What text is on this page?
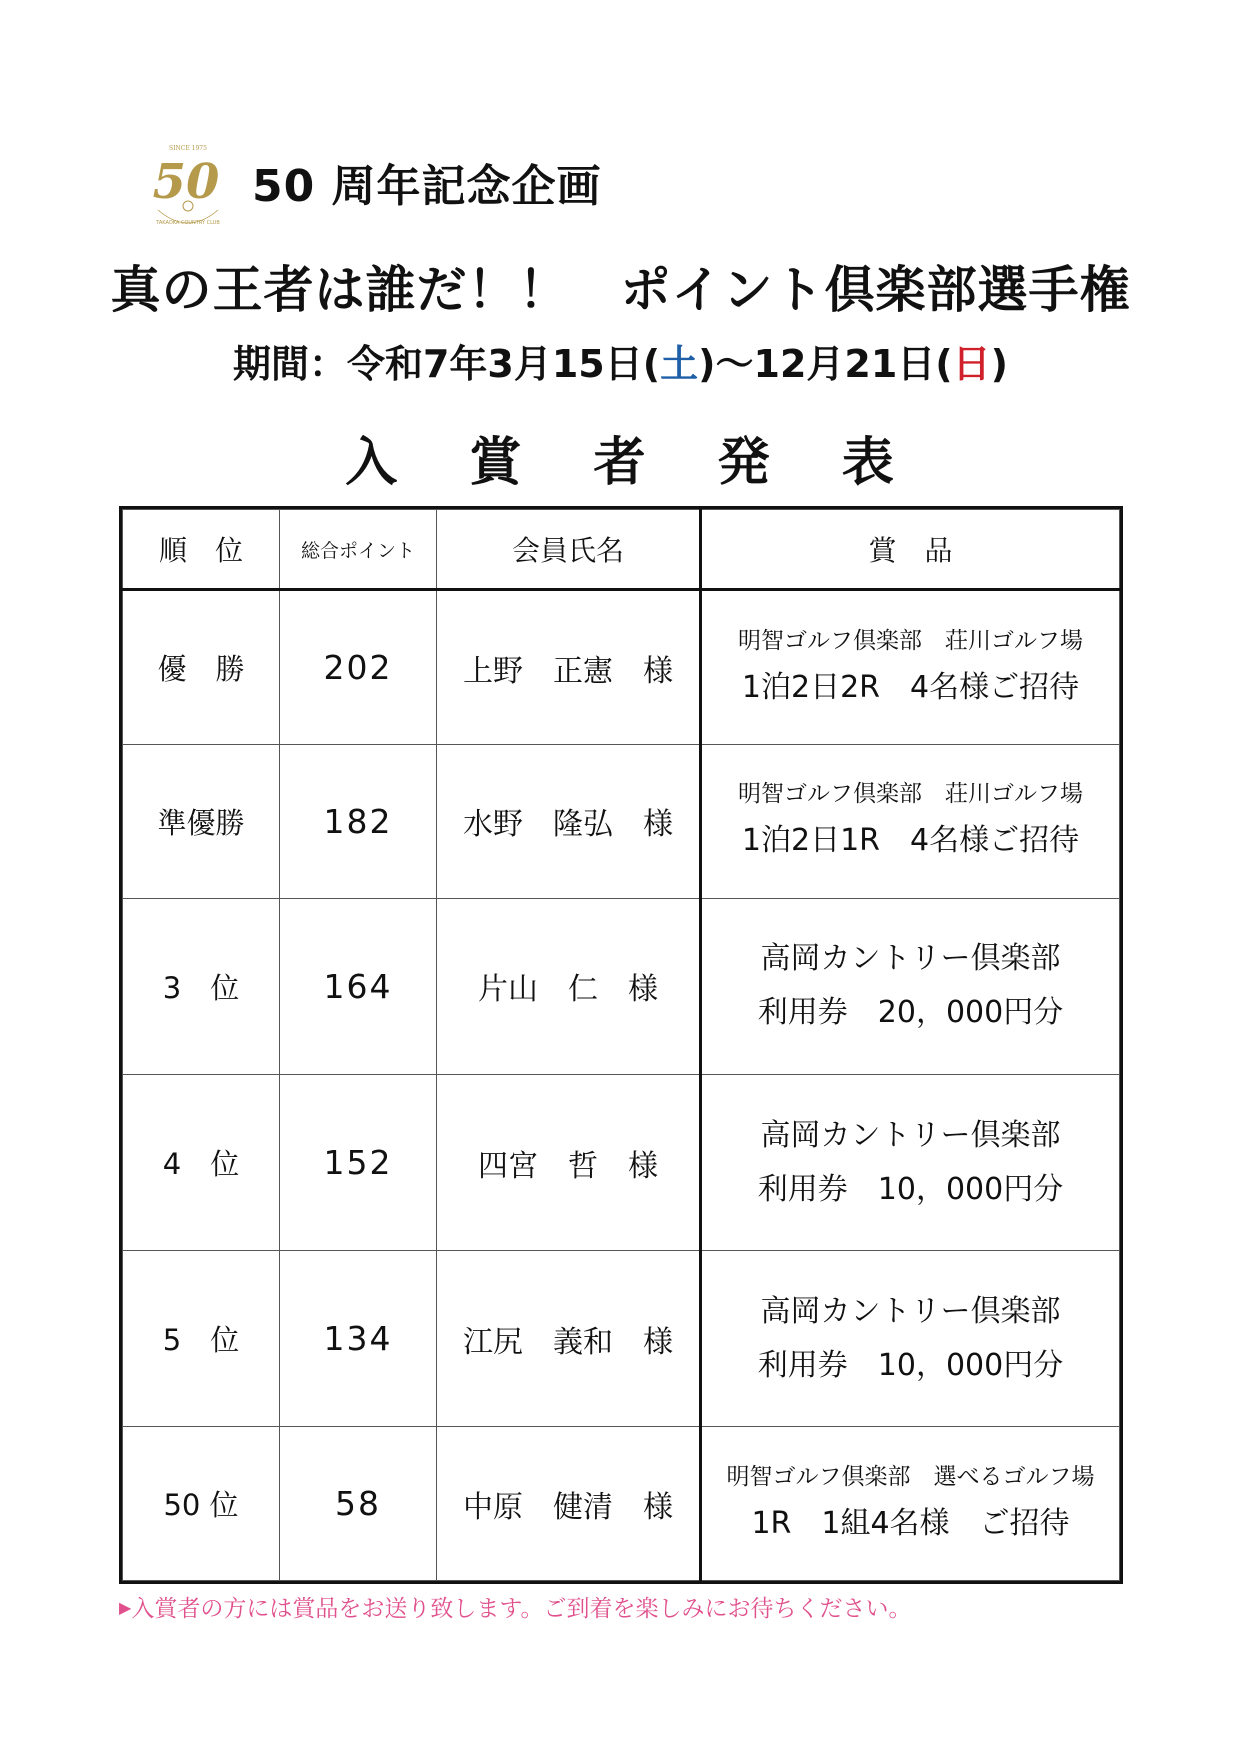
SINCE 1975
50
TAKAOKA COUNTRY CLUB
50 周年記念企画
真の王者は誰だ！！　ポイント倶楽部選手権
期間：令和7年3月15日(土)～12月21日(日)
入 賞 者 発 表
順　位	総合ポイント	会員氏名	賞　品
優　勝	202	上野　正憲　様	明智ゴルフ倶楽部　荘川ゴルフ場
1泊2日2R　4名様ご招待

準優勝	182	水野　隆弘　様	明智ゴルフ倶楽部　荘川ゴルフ場
1泊2日1R　4名様ご招待

3　位	164	片山　仁　様	高岡カントリー倶楽部
利用券　20，000円分

4　位	152	四宮　哲　様	高岡カントリー倶楽部
利用券　10，000円分

5　位	134	江尻　義和　様	高岡カントリー倶楽部
利用券　10，000円分

50 位	58	中原　健清　様	明智ゴルフ倶楽部　選べるゴルフ場
1R　1組4名様　ご招待
▶入賞者の方には賞品をお送り致します。ご到着を楽しみにお待ちください。
